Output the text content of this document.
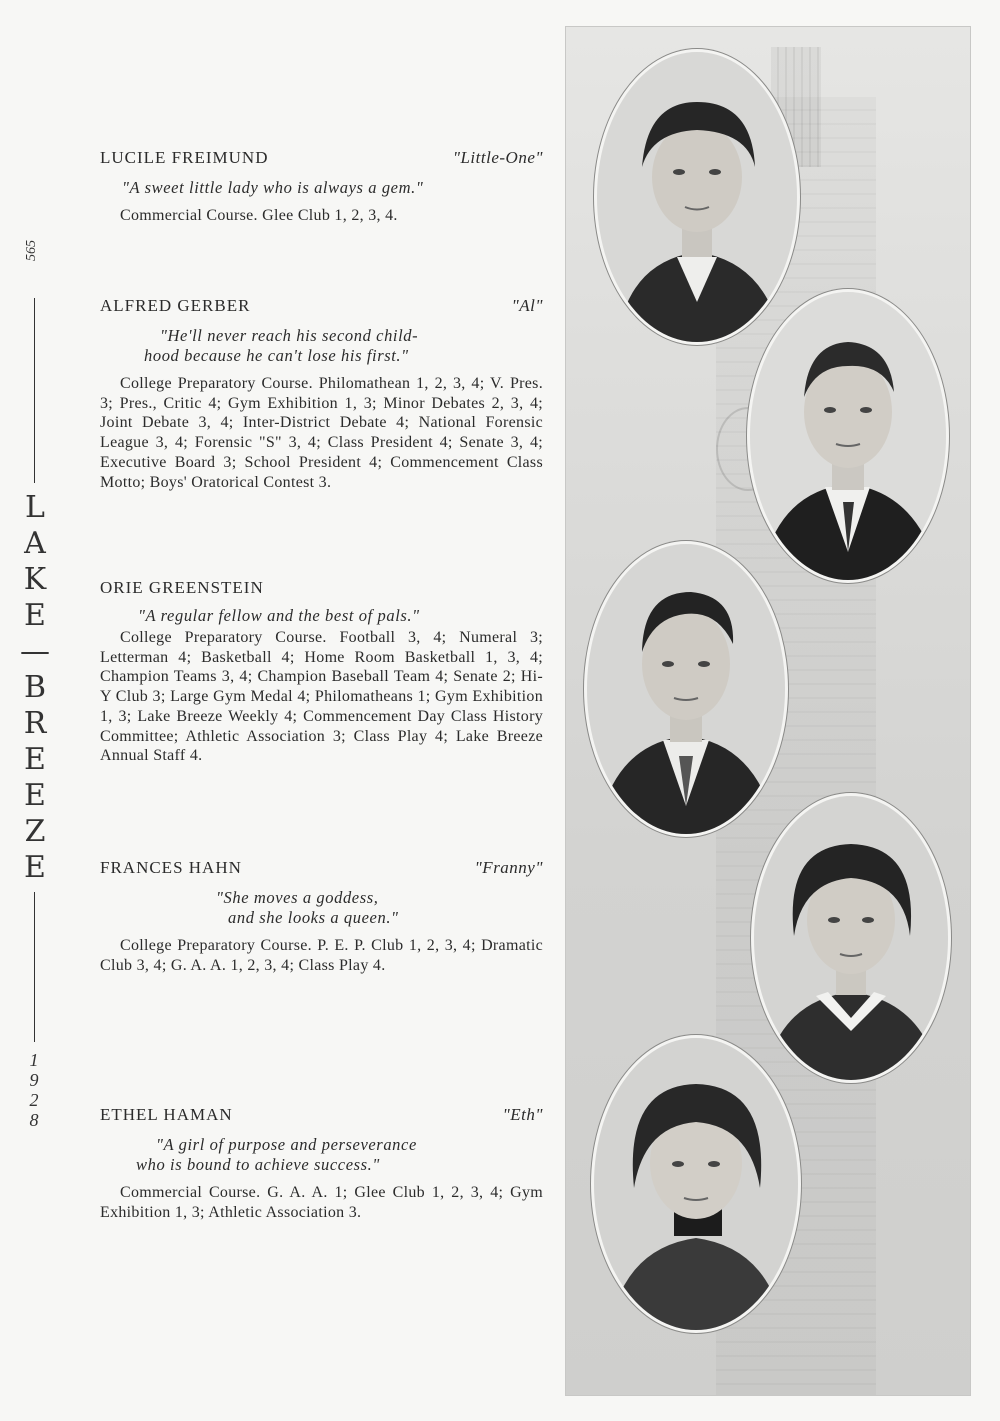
565
L
A
K
E
—
B
R
E
E
Z
E
1928
LUCILE FREIMUND	"Little-One"
"A sweet little lady who is always a gem."
Commercial Course. Glee Club 1, 2, 3, 4.
ALFRED GERBER	"Al"
"He'll never reach his second child-
hood because he can't lose his first."
College Preparatory Course. Philomathean 1, 2, 3, 4; V. Pres. 3; Pres., Critic 4; Gym Exhibition 1, 3; Minor Debates 2, 3, 4; Joint Debate 3, 4; Inter-District Debate 4; National Forensic League 3, 4; Forensic "S" 3, 4; Class President 4; Senate 3, 4; Executive Board 3; School President 4; Commencement Class Motto; Boys' Oratorical Contest 3.
ORIE GREENSTEIN
"A regular fellow and the best of pals."
College Preparatory Course. Football 3, 4; Numeral 3; Letterman 4; Basketball 4; Home Room Basketball 1, 3, 4; Champion Teams 3, 4; Champion Baseball Team 4; Senate 2; Hi-Y Club 3; Large Gym Medal 4; Philomatheans 1; Gym Exhibition 1, 3; Lake Breeze Weekly 4; Commencement Day Class History Committee; Athletic Association 3; Class Play 4; Lake Breeze Annual Staff 4.
FRANCES HAHN	"Franny"
"She moves a goddess,
and she looks a queen."
College Preparatory Course. P. E. P. Club 1, 2, 3, 4; Dramatic Club 3, 4; G. A. A. 1, 2, 3, 4; Class Play 4.
ETHEL HAMAN	"Eth"
"A girl of purpose and perseverance
who is bound to achieve success."
Commercial Course. G. A. A. 1; Glee Club 1, 2, 3, 4; Gym Exhibition 1, 3; Athletic Association 3.
